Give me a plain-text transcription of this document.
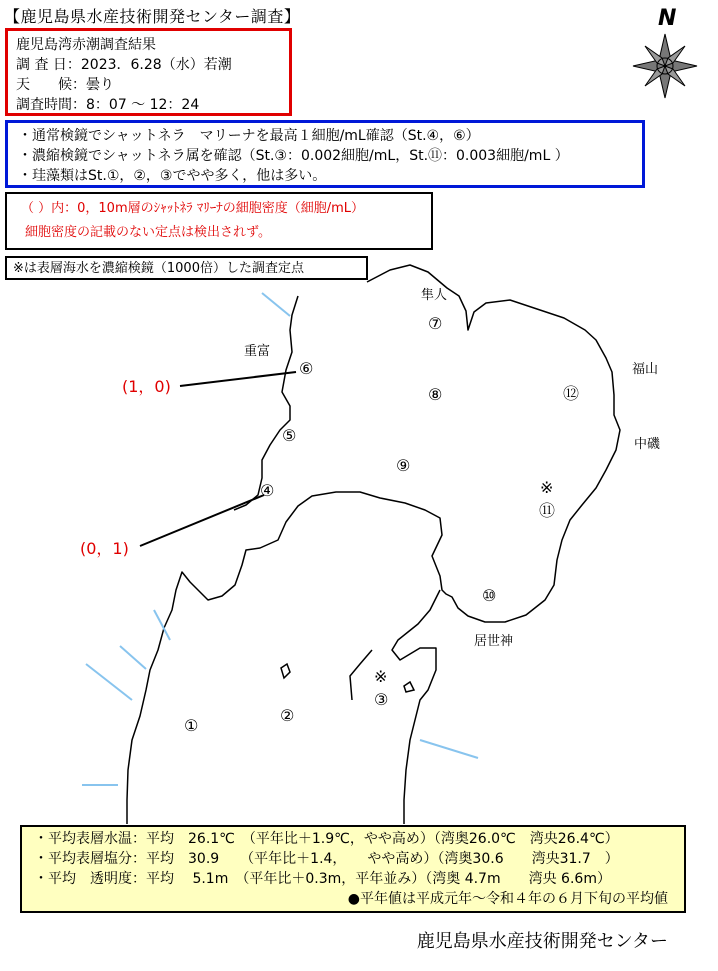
N
【鹿児島県水産技術開発センター調査】
鹿児島湾赤潮調査結果
調 査 日：2023．6.28（水）若潮
天　　候：曇り
調査時間：8：07 ～ 12：24
・通常検鏡でシャットネラ　マリーナを最高１細胞/mL確認（St.④，⑥）
・濃縮検鏡でシャットネラ属を確認（St.③：0.002細胞/mL，St.⑪：0.003細胞/mL ）
・珪藻類はSt.①，②，③でやや多く，他は多い。
（ ）内：0，10m層のｼｬｯﾄﾈﾗ ﾏﾘｰﾅの細胞密度（細胞/mL）
細胞密度の記載のない定点は検出されず。
※は表層海水を濃縮検鏡（1000倍）した調査定点
隼人
重富
福山
中磯
居世神
⑦
⑥
⑧	⑫
⑤
⑨
④	※
⑪
⑩
※
③
②
①
(1，0)
(0，1)
・平均表層水温：平均　26.1℃　（平年比＋1.9℃，やや高め）（湾奥26.0℃　湾央26.4℃）
・平均表層塩分：平均　30.9　　（平年比＋1.4，　　やや高め）（湾奥30.6　　湾央31.7　）
・平均　透明度：平均　 5.1m　（平年比＋0.3m，平年並み）（湾奥 4.7m　　湾央 6.6m）
●平年値は平成元年～令和４年の６月下旬の平均値
鹿児島県水産技術開発センター
